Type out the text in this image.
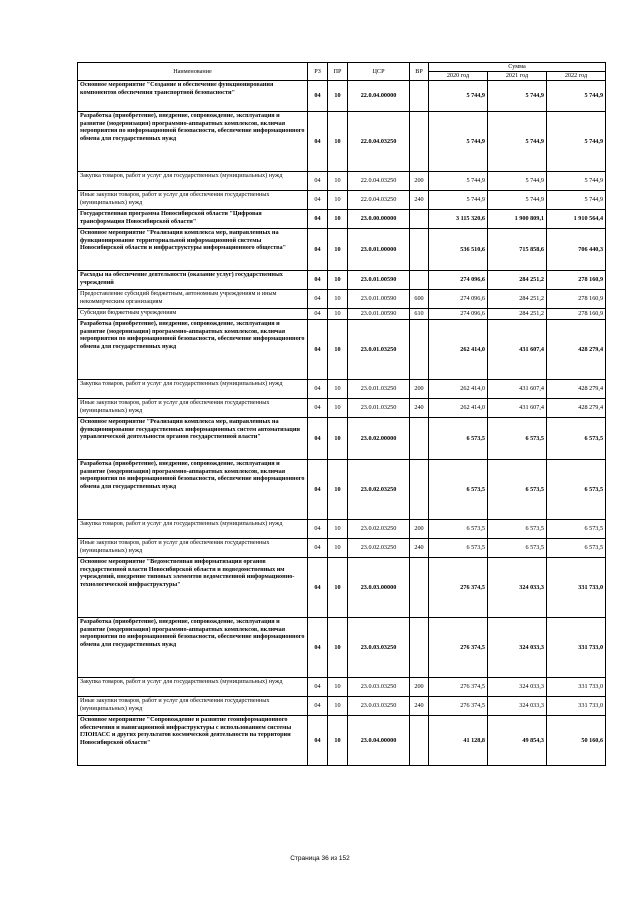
Наименование	РЗ	ПР	ЦСР	ВР	Сумма		
					2020 год	2021 год	2022 год
Основное мероприятие "Создание и обеспечение функционирования компонентов обеспечения транспортной безопасности"	04	10	22.0.04.00000		5 744,9	5 744,9	5 744,9
Разработка (приобретение), внедрение, сопровождение, эксплуатация и развитие (модернизация) программно-аппаратных комплексов, включая мероприятия по информационной безопасности, обеспечение информационного обмена для государственных нужд	04	10	22.0.04.03250		5 744,9	5 744,9	5 744,9
Закупка товаров, работ и услуг для государственных (муниципальных) нужд	04	10	22.0.04.03250	200	5 744,9	5 744,9	5 744,9
Иные закупки товаров, работ и услуг для обеспечения государственных (муниципальных) нужд	04	10	22.0.04.03250	240	5 744,9	5 744,9	5 744,9
Государственная программа Новосибирской области "Цифровая трансформация Новосибирской области"	04	10	23.0.00.00000		3 115 320,6	1 900 809,1	1 910 564,4
Основное мероприятие "Реализация комплекса мер, направленных на функционирование территориальной информационной системы Новосибирской области и инфраструктуры информационного общества"	04	10	23.0.01.00000		536 510,6	715 858,6	706 440,3
Расходы на обеспечение деятельности (оказание услуг) государственных учреждений	04	10	23.0.01.00590		274 096,6	284 251,2	278 160,9
Предоставление субсидий бюджетным, автономным учреждениям и иным некоммерческим организациям	04	10	23.0.01.00590	600	274 096,6	284 251,2	278 160,9
Субсидии бюджетным учреждениям	04	10	23.0.01.00590	610	274 096,6	284 251,2	278 160,9
Разработка (приобретение), внедрение, сопровождение, эксплуатация и развитие (модернизация) программно-аппаратных комплексов, включая мероприятия по информационной безопасности, обеспечение информационного обмена для государственных нужд	04	10	23.0.01.03250		262 414,0	431 607,4	428 279,4
Закупка товаров, работ и услуг для государственных (муниципальных) нужд	04	10	23.0.01.03250	200	262 414,0	431 607,4	428 279,4
Иные закупки товаров, работ и услуг для обеспечения государственных (муниципальных) нужд	04	10	23.0.01.03250	240	262 414,0	431 607,4	428 279,4
Основное мероприятие "Реализация комплекса мер, направленных на функционирование государственных информационных систем автоматизации управленческой деятельности органов государственной власти"	04	10	23.0.02.00000		6 573,5	6 573,5	6 573,5
Разработка (приобретение), внедрение, сопровождение, эксплуатация и развитие (модернизация) программно-аппаратных комплексов, включая мероприятия по информационной безопасности, обеспечение информационного обмена для государственных нужд	04	10	23.0.02.03250		6 573,5	6 573,5	6 573,5
Закупка товаров, работ и услуг для государственных (муниципальных) нужд	04	10	23.0.02.03250	200	6 573,5	6 573,5	6 573,5
Иные закупки товаров, работ и услуг для обеспечения государственных (муниципальных) нужд	04	10	23.0.02.03250	240	6 573,5	6 573,5	6 573,5
Основное мероприятие "Ведомственная информатизация органов государственной власти Новосибирской области и подведомственных им учреждений, внедрение типовых элементов ведомственной информационно-технологической инфраструктуры"	04	10	23.0.03.00000		276 374,5	324 033,3	331 733,0
Разработка (приобретение), внедрение, сопровождение, эксплуатация и развитие (модернизация) программно-аппаратных комплексов, включая мероприятия по информационной безопасности, обеспечение информационного обмена для государственных нужд	04	10	23.0.03.03250		276 374,5	324 033,3	331 733,0
Закупка товаров, работ и услуг для государственных (муниципальных) нужд	04	10	23.0.03.03250	200	276 374,5	324 033,3	331 733,0
Иные закупки товаров, работ и услуг для обеспечения государственных (муниципальных) нужд	04	10	23.0.03.03250	240	276 374,5	324 033,3	331 733,0
Основное мероприятие "Сопровождение и развитие геоинформационного обеспечения и навигационной инфраструктуры с использованием системы ГЛОНАСС и других результатов космической деятельности на территории Новосибирской области"	04	10	23.0.04.00000		41 128,8	49 854,3	50 160,6
Страница 36 из 152
